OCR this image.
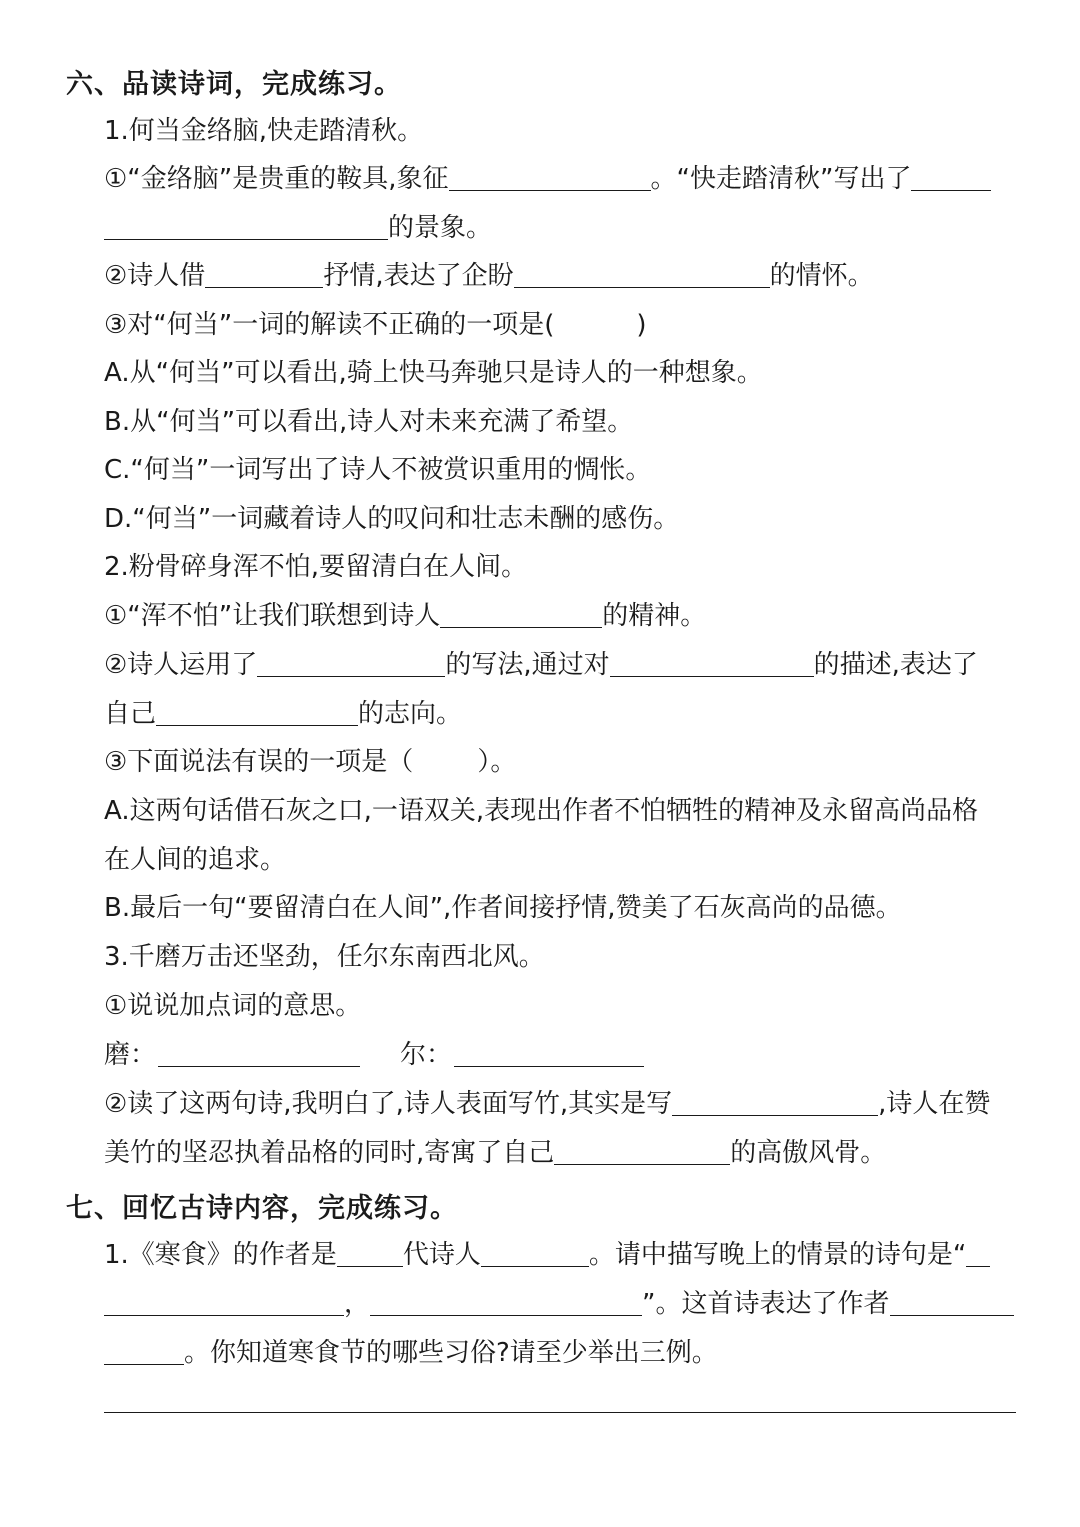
六、品读诗词，完成练习。
1.何当金络脑,快走踏清秋。
①“金络脑”是贵重的鞍具,象征	。“快走踏清秋”写出了
的景象。
②诗人借	抒情,表达了企盼	的情怀。
③对“何当”一词的解读不正确的一项是(	)
A.从“何当”可以看出,骑上快马奔驰只是诗人的一种想象。
B.从“何当”可以看出,诗人对未来充满了希望。
C.“何当”一词写出了诗人不被赏识重用的惆怅。
D.“何当”一词藏着诗人的叹问和壮志未酬的感伤。
2.粉骨碎身浑不怕,要留清白在人间。
①“浑不怕”让我们联想到诗人	的精神。
②诗人运用了	的写法,通过对	的描述,表达了
自己	的志向。
③下面说法有误的一项是（ ）。
A.这两句话借石灰之口,一语双关,表现出作者不怕牺牲的精神及永留高尚品格
在人间的追求。
B.最后一句“要留清白在人间”,作者间接抒情,赞美了石灰高尚的品德。
3.千磨万击还坚劲，任尔东南西北风。
①说说加点词的意思。
磨：	尔：
②读了这两句诗,我明白了,诗人表面写竹,其实是写	,诗人在赞
美竹的坚忍执着品格的同时,寄寓了自己	的高傲风骨。
七、回忆古诗内容，完成练习。
1.《寒食》的作者是	代诗人	。请中描写晚上的情景的诗句是“
，	”。这首诗表达了作者
。你知道寒食节的哪些习俗?请至少举出三例。
